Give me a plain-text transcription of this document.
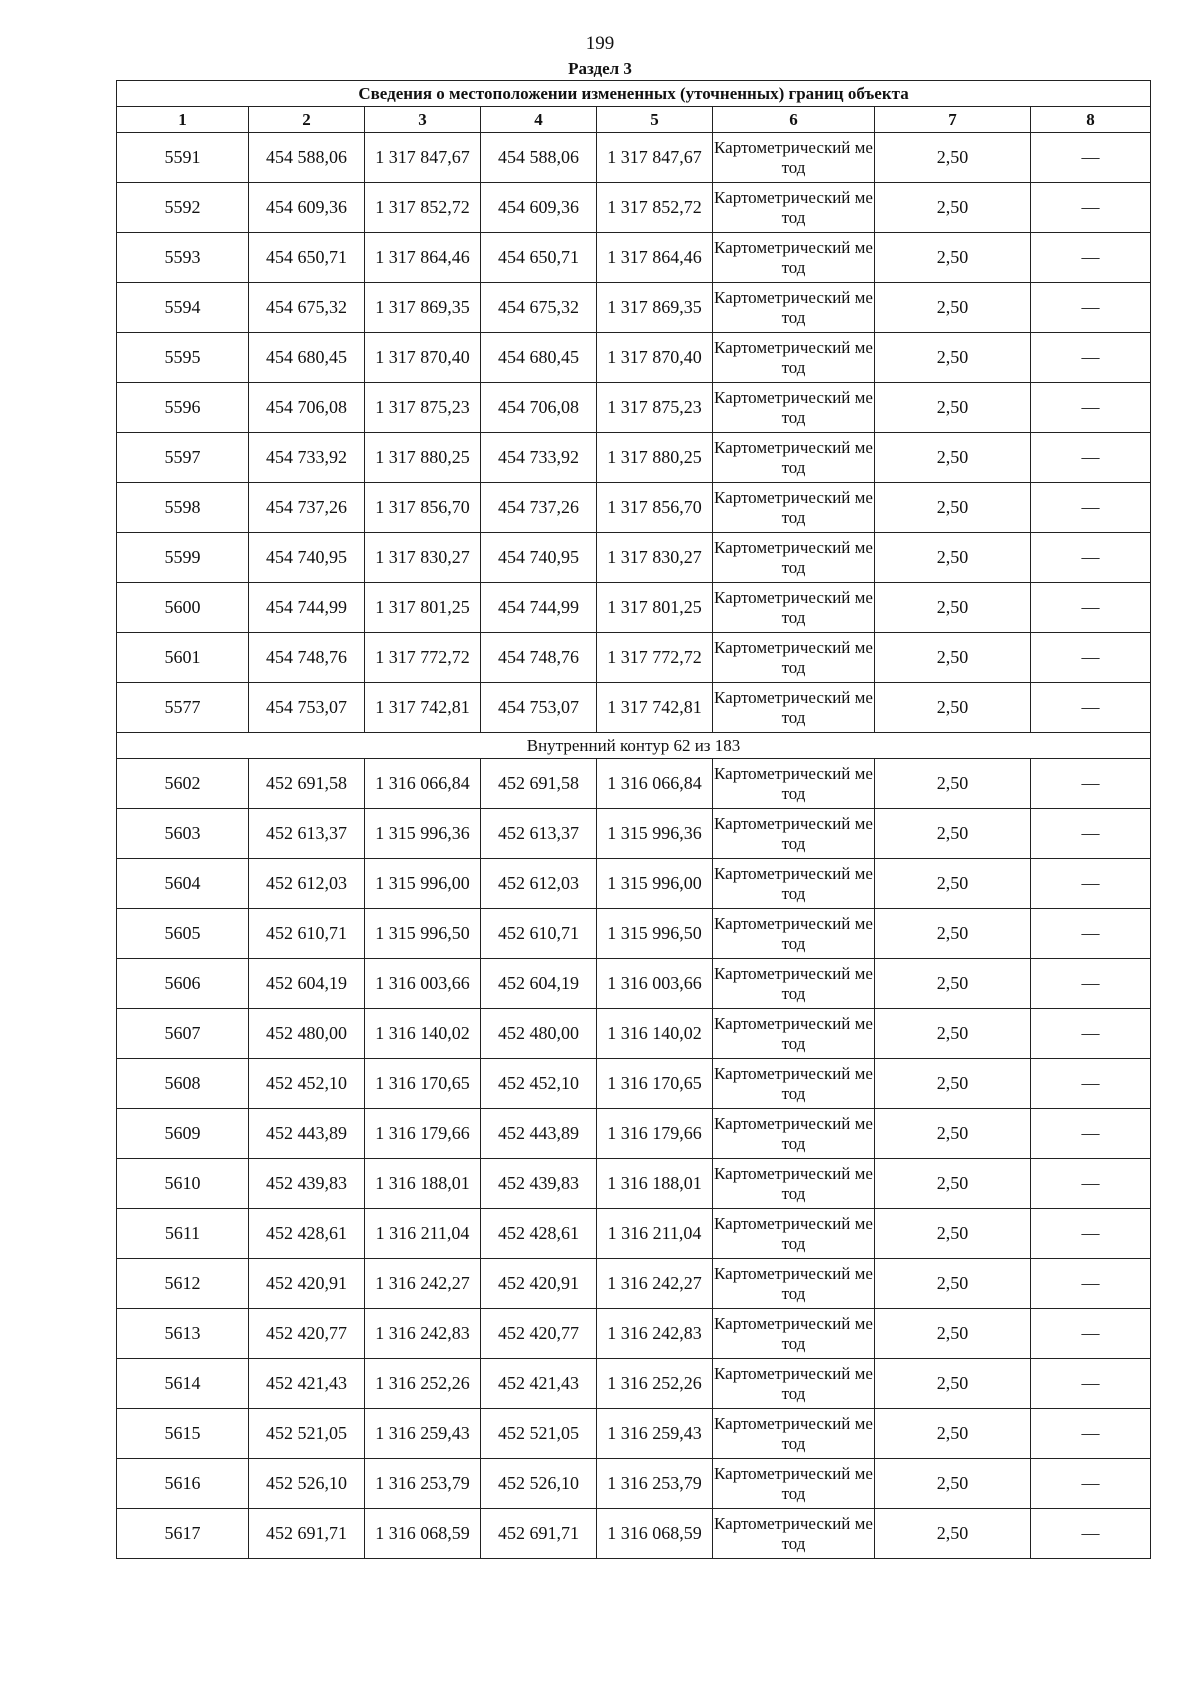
199
Раздел 3
Сведения о местоположении измененных (уточненных) границ объекта							
1	2	3	4	5	6	7	8
5591	454 588,06	1 317 847,67	454 588,06	1 317 847,67	Картометрический метод	2,50	—
5592	454 609,36	1 317 852,72	454 609,36	1 317 852,72	Картометрический метод	2,50	—
5593	454 650,71	1 317 864,46	454 650,71	1 317 864,46	Картометрический метод	2,50	—
5594	454 675,32	1 317 869,35	454 675,32	1 317 869,35	Картометрический метод	2,50	—
5595	454 680,45	1 317 870,40	454 680,45	1 317 870,40	Картометрический метод	2,50	—
5596	454 706,08	1 317 875,23	454 706,08	1 317 875,23	Картометрический метод	2,50	—
5597	454 733,92	1 317 880,25	454 733,92	1 317 880,25	Картометрический метод	2,50	—
5598	454 737,26	1 317 856,70	454 737,26	1 317 856,70	Картометрический метод	2,50	—
5599	454 740,95	1 317 830,27	454 740,95	1 317 830,27	Картометрический метод	2,50	—
5600	454 744,99	1 317 801,25	454 744,99	1 317 801,25	Картометрический метод	2,50	—
5601	454 748,76	1 317 772,72	454 748,76	1 317 772,72	Картометрический метод	2,50	—
5577	454 753,07	1 317 742,81	454 753,07	1 317 742,81	Картометрический метод	2,50	—
Внутренний контур 62 из 183							
5602	452 691,58	1 316 066,84	452 691,58	1 316 066,84	Картометрический метод	2,50	—
5603	452 613,37	1 315 996,36	452 613,37	1 315 996,36	Картометрический метод	2,50	—
5604	452 612,03	1 315 996,00	452 612,03	1 315 996,00	Картометрический метод	2,50	—
5605	452 610,71	1 315 996,50	452 610,71	1 315 996,50	Картометрический метод	2,50	—
5606	452 604,19	1 316 003,66	452 604,19	1 316 003,66	Картометрический метод	2,50	—
5607	452 480,00	1 316 140,02	452 480,00	1 316 140,02	Картометрический метод	2,50	—
5608	452 452,10	1 316 170,65	452 452,10	1 316 170,65	Картометрический метод	2,50	—
5609	452 443,89	1 316 179,66	452 443,89	1 316 179,66	Картометрический метод	2,50	—
5610	452 439,83	1 316 188,01	452 439,83	1 316 188,01	Картометрический метод	2,50	—
5611	452 428,61	1 316 211,04	452 428,61	1 316 211,04	Картометрический метод	2,50	—
5612	452 420,91	1 316 242,27	452 420,91	1 316 242,27	Картометрический метод	2,50	—
5613	452 420,77	1 316 242,83	452 420,77	1 316 242,83	Картометрический метод	2,50	—
5614	452 421,43	1 316 252,26	452 421,43	1 316 252,26	Картометрический метод	2,50	—
5615	452 521,05	1 316 259,43	452 521,05	1 316 259,43	Картометрический метод	2,50	—
5616	452 526,10	1 316 253,79	452 526,10	1 316 253,79	Картометрический метод	2,50	—
5617	452 691,71	1 316 068,59	452 691,71	1 316 068,59	Картометрический метод	2,50	—
